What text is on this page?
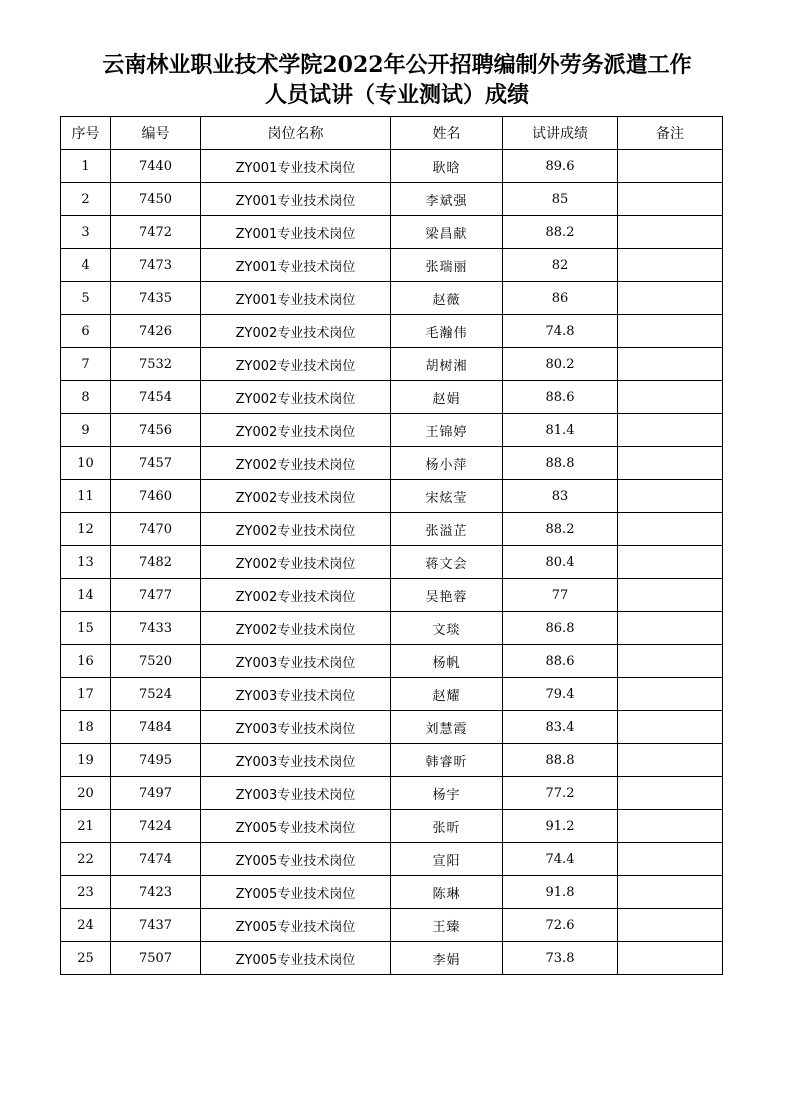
云南林业职业技术学院2022年公开招聘编制外劳务派遣工作
人员试讲（专业测试）成绩
序号	编号	岗位名称	姓名	试讲成绩	备注
1	7440	ZY001专业技术岗位	耿晗	89.6	
2	7450	ZY001专业技术岗位	李斌强	85	
3	7472	ZY001专业技术岗位	梁昌献	88.2	
4	7473	ZY001专业技术岗位	张瑞丽	82	
5	7435	ZY001专业技术岗位	赵薇	86	
6	7426	ZY002专业技术岗位	毛瀚伟	74.8	
7	7532	ZY002专业技术岗位	胡树湘	80.2	
8	7454	ZY002专业技术岗位	赵娟	88.6	
9	7456	ZY002专业技术岗位	王锦婷	81.4	
10	7457	ZY002专业技术岗位	杨小萍	88.8	
11	7460	ZY002专业技术岗位	宋炫莹	83	
12	7470	ZY002专业技术岗位	张溢芷	88.2	
13	7482	ZY002专业技术岗位	蒋文会	80.4	
14	7477	ZY002专业技术岗位	吴艳蓉	77	
15	7433	ZY002专业技术岗位	文琰	86.8	
16	7520	ZY003专业技术岗位	杨帆	88.6	
17	7524	ZY003专业技术岗位	赵耀	79.4	
18	7484	ZY003专业技术岗位	刘慧霞	83.4	
19	7495	ZY003专业技术岗位	韩睿昕	88.8	
20	7497	ZY003专业技术岗位	杨宇	77.2	
21	7424	ZY005专业技术岗位	张昕	91.2	
22	7474	ZY005专业技术岗位	宣阳	74.4	
23	7423	ZY005专业技术岗位	陈琳	91.8	
24	7437	ZY005专业技术岗位	王臻	72.6	
25	7507	ZY005专业技术岗位	李娟	73.8	
